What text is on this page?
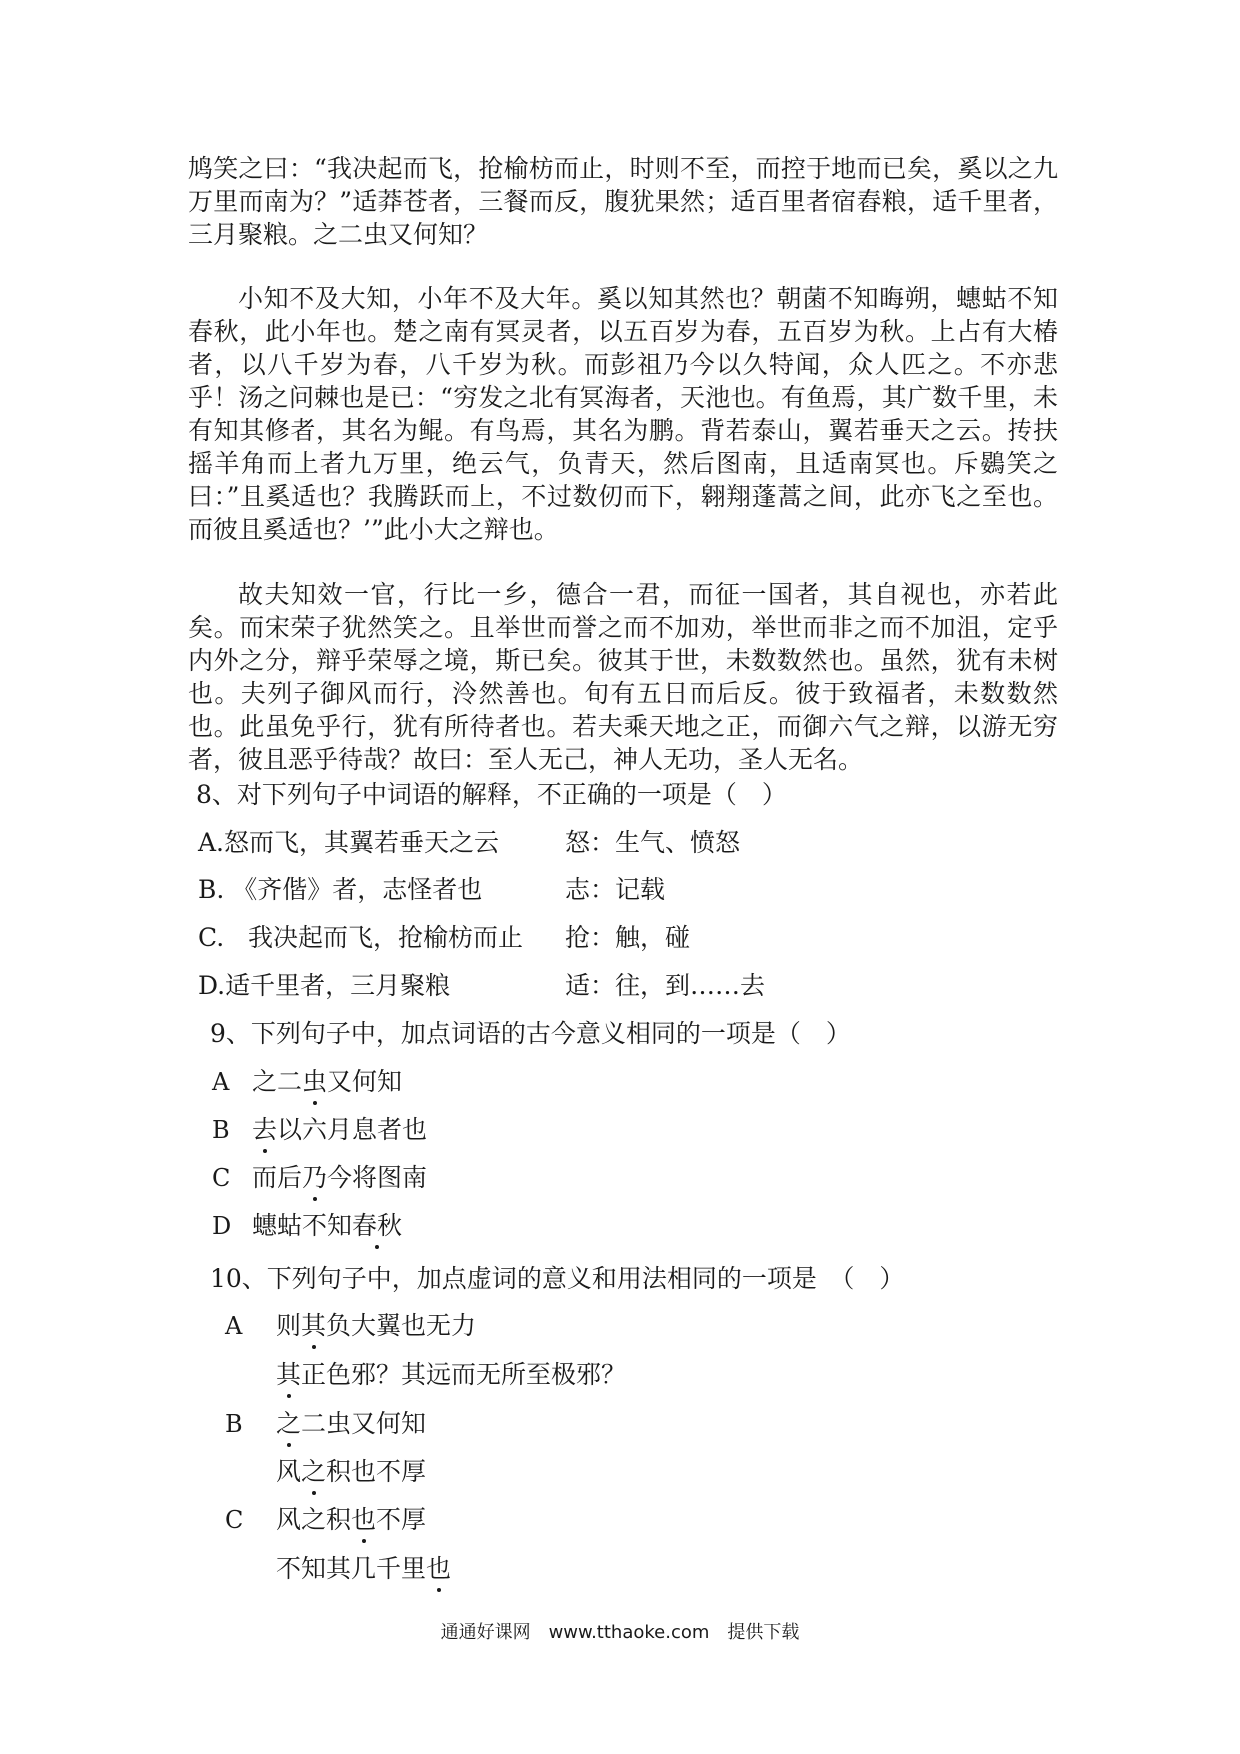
鸠笑之曰：“我决起而飞，抢榆枋而止，时则不至，而控于地而已矣，奚以之九万里而南为？”适莽苍者，三餐而反，腹犹果然；适百里者宿舂粮，适千里者，三月聚粮。之二虫又何知？

小知不及大知，小年不及大年。奚以知其然也？朝菌不知晦朔，蟪蛄不知春秋，此小年也。楚之南有冥灵者，以五百岁为春，五百岁为秋。上占有大椿者，以八千岁为春，八千岁为秋。而彭祖乃今以久特闻，众人匹之。不亦悲乎！汤之问棘也是已：“穷发之北有冥海者，天池也。有鱼焉，其广数千里，未有知其修者，其名为鲲。有鸟焉，其名为鹏。背若泰山，翼若垂天之云。抟扶摇羊角而上者九万里，绝云气，负青天，然后图南，且适南冥也。斥鷃笑之曰：”且奚适也？我腾跃而上，不过数仞而下，翱翔蓬蒿之间，此亦飞之至也。而彼且奚适也？’”此小大之辩也。

故夫知效一官，行比一乡，德合一君，而征一国者，其自视也，亦若此矣。而宋荣子犹然笑之。且举世而誉之而不加劝，举世而非之而不加沮，定乎内外之分，辩乎荣辱之境，斯已矣。彼其于世，未数数然也。虽然，犹有未树也。夫列子御风而行，泠然善也。旬有五日而后反。彼于致福者，未数数然也。此虽免乎行，犹有所待者也。若夫乘天地之正，而御六气之辩，以游无穷者，彼且恶乎待哉？故曰：至人无己，神人无功，圣人无名。

8、对下列句子中词语的解释，不正确的一项是（　）
A.怒而飞，其翼若垂天之云	怒：生气、愤怒
B. 《齐偕》者，志怪者也	志：记载
C. 我决起而飞，抢榆枋而止 抢：触，碰
D.适千里者，三月聚粮	适：往，到……去
9、下列句子中，加点词语的古今意义相同的一项是（　）
A 之二虫又何知
B 去以六月息者也
C 而后乃今将图南
D 蟪蛄不知春秋
10、下列句子中，加点虚词的意义和用法相同的一项是　（　）
A 则其负大翼也无力
其正色邪？其远而无所至极邪？
B 之二虫又何知
风之积也不厚
C 风之积也不厚
不知其几千里也
通通好课网　www.tthaoke.com　提供下载
